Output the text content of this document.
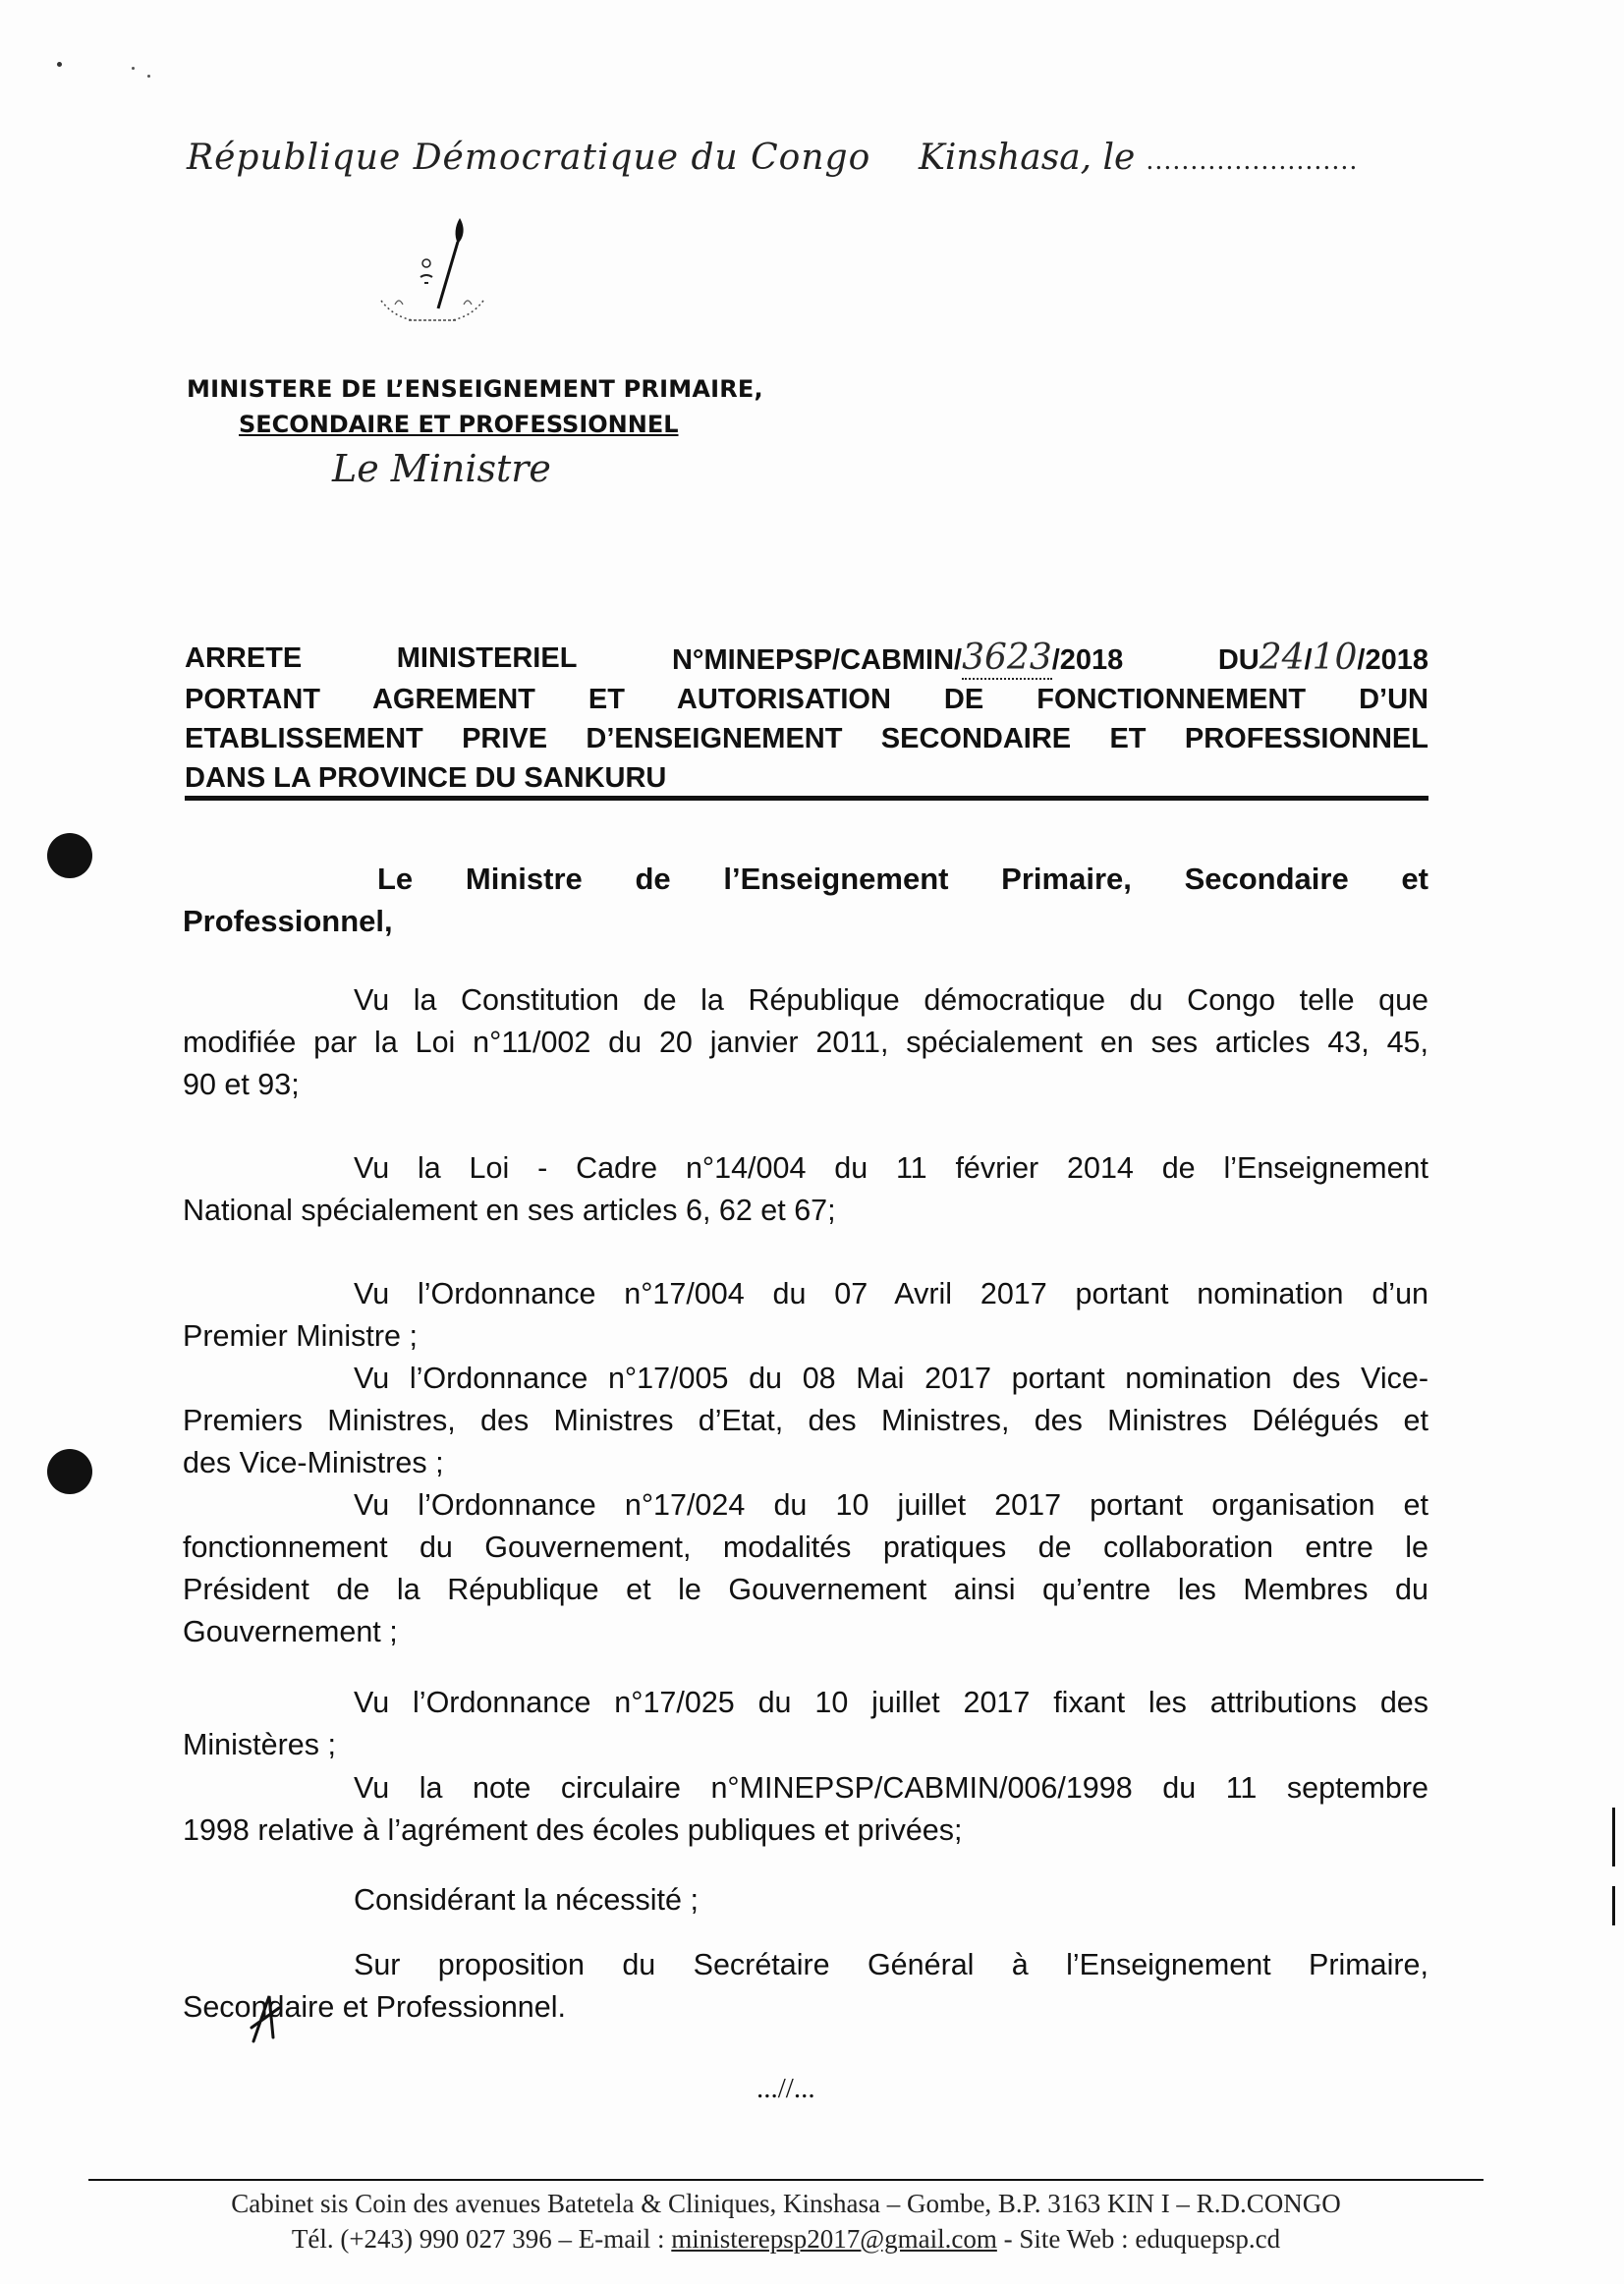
République Démocratique du Congo Kinshasa, le ........................
MINISTERE DE L’ENSEIGNEMENT PRIMAIRE,
SECONDAIRE ET PROFESSIONNEL
Le Ministre
ARRETE	MINISTERIEL	N°MINEPSP/CABMIN/3623/2018	DU24/10/2018
PORTANT AGREMENT ET AUTORISATION DE FONCTIONNEMENT D’UN
ETABLISSEMENT PRIVE D’ENSEIGNEMENT SECONDAIRE ET PROFESSIONNEL
DANS LA PROVINCE DU SANKURU
Le Ministre de l’Enseignement Primaire, Secondaire et
Professionnel,
Vu la Constitution de la République démocratique du Congo telle que
modifiée par la Loi n°11/002 du 20 janvier 2011, spécialement en ses articles 43, 45,
90 et 93;
Vu la Loi - Cadre n°14/004 du 11 février 2014 de l’Enseignement
National spécialement en ses articles 6, 62 et 67;
Vu l’Ordonnance n°17/004 du 07 Avril 2017 portant nomination d’un
Premier Ministre ;
Vu l’Ordonnance n°17/005 du 08 Mai 2017 portant nomination des Vice-
Premiers Ministres, des Ministres d’Etat, des Ministres, des Ministres Délégués et
des Vice-Ministres ;
Vu l’Ordonnance n°17/024 du 10 juillet 2017 portant organisation et
fonctionnement du Gouvernement, modalités pratiques de collaboration entre le
Président de la République et le Gouvernement ainsi qu’entre les Membres du
Gouvernement ;
Vu l’Ordonnance n°17/025 du 10 juillet 2017 fixant les attributions des
Ministères ;
Vu la note circulaire n°MINEPSP/CABMIN/006/1998 du 11 septembre
1998 relative à l’agrément des écoles publiques et privées;
Considérant la nécessité ;
Sur proposition du Secrétaire Général à l’Enseignement Primaire,
Secondaire et Professionnel.
...//...
Cabinet sis Coin des avenues Batetela & Cliniques, Kinshasa – Gombe, B.P. 3163 KIN I – R.D.CONGO
Tél. (+243) 990 027 396 – E-mail : ministerepsp2017@gmail.com - Site Web : eduquepsp.cd
